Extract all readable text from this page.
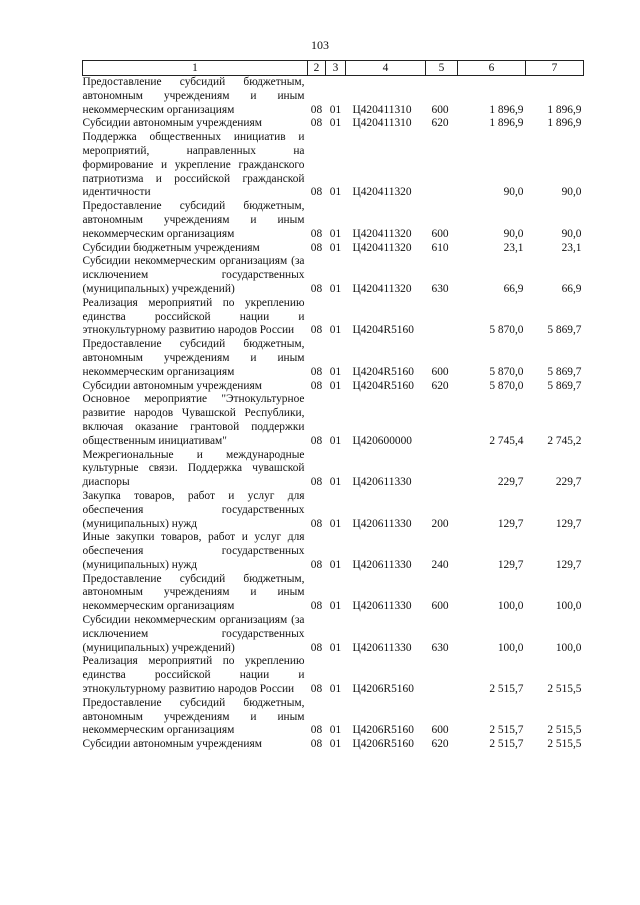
103
1	2	3	4	5	6	7
Предоставление субсидий бюджетным, автономным учреждениям и иным некоммерческим организациям	08	01	Ц420411310	600	1 896,9	1 896,9
Субсидии автономным учреждениям	08	01	Ц420411310	620	1 896,9	1 896,9
Поддержка общественных инициатив и мероприятий, направленных на формирование и укрепление гражданского патриотизма и российской гражданской идентичности	08	01	Ц420411320		90,0	90,0
Предоставление субсидий бюджетным, автономным учреждениям и иным некоммерческим организациям	08	01	Ц420411320	600	90,0	90,0
Субсидии бюджетным учреждениям	08	01	Ц420411320	610	23,1	23,1
Субсидии некоммерческим организациям (за исключением государственных (муниципальных) учреждений)	08	01	Ц420411320	630	66,9	66,9
Реализация мероприятий по укреплению единства российской нации и этнокультурному развитию народов России	08	01	Ц4204R5160		5 870,0	5 869,7
Предоставление субсидий бюджетным, автономным учреждениям и иным некоммерческим организациям	08	01	Ц4204R5160	600	5 870,0	5 869,7
Субсидии автономным учреждениям	08	01	Ц4204R5160	620	5 870,0	5 869,7
Основное мероприятие "Этнокультурное развитие народов Чувашской Республики, включая оказание грантовой поддержки общественным инициативам"	08	01	Ц420600000		2 745,4	2 745,2
Межрегиональные и международные культурные связи. Поддержка чувашской диаспоры	08	01	Ц420611330		229,7	229,7
Закупка товаров, работ и услуг для обеспечения государственных (муниципальных) нужд	08	01	Ц420611330	200	129,7	129,7
Иные закупки товаров, работ и услуг для обеспечения государственных (муниципальных) нужд	08	01	Ц420611330	240	129,7	129,7
Предоставление субсидий бюджетным, автономным учреждениям и иным некоммерческим организациям	08	01	Ц420611330	600	100,0	100,0
Субсидии некоммерческим организациям (за исключением государственных (муниципальных) учреждений)	08	01	Ц420611330	630	100,0	100,0
Реализация мероприятий по укреплению единства российской нации и этнокультурному развитию народов России	08	01	Ц4206R5160		2 515,7	2 515,5
Предоставление субсидий бюджетным, автономным учреждениям и иным некоммерческим организациям	08	01	Ц4206R5160	600	2 515,7	2 515,5
Субсидии автономным учреждениям	08	01	Ц4206R5160	620	2 515,7	2 515,5
